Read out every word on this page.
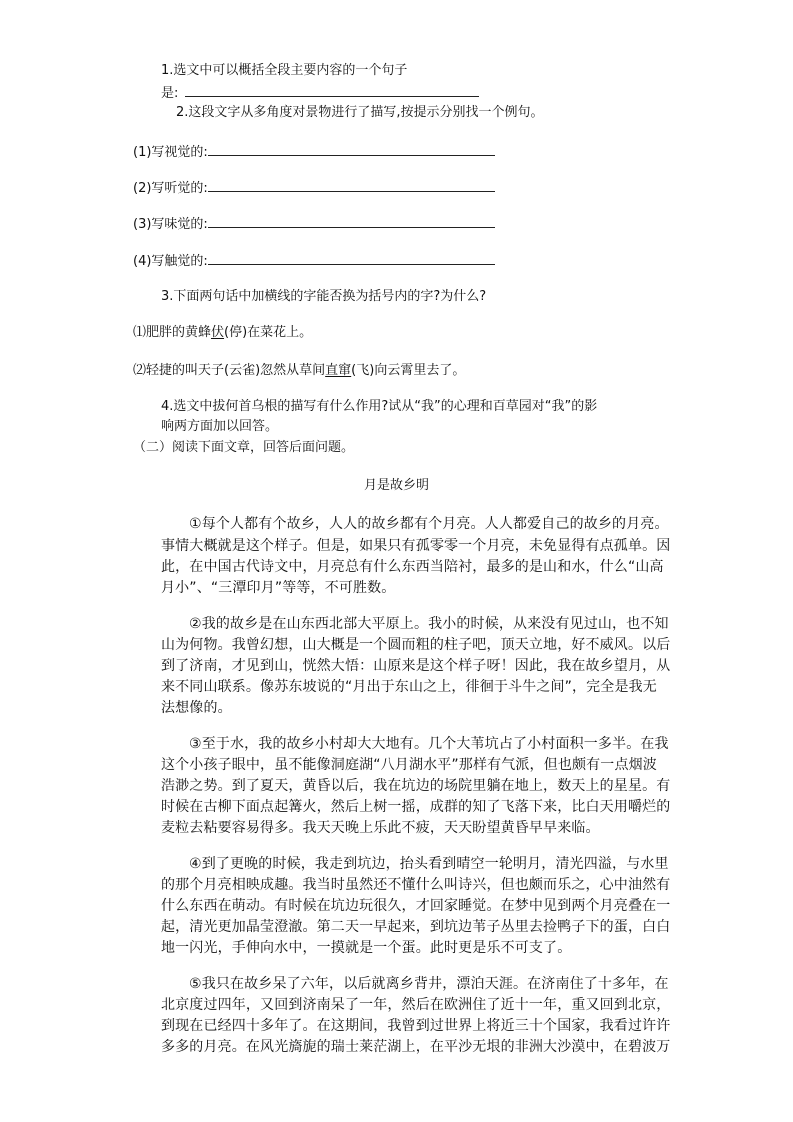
1.选文中可以概括全段主要内容的一个句子
是:
2.这段文字从多角度对景物进行了描写,按提示分别找一个例句。
(1)写视觉的:
(2)写听觉的:
(3)写味觉的:
(4)写触觉的:
3.下面两句话中加横线的字能否换为括号内的字?为什么?
⑴肥胖的黄蜂伏(停)在菜花上。
⑵轻捷的叫天子(云雀)忽然从草间直窜(飞)向云霄里去了。
4.选文中拔何首乌根的描写有什么作用?试从“我”的心理和百草园对“我”的影
响两方面加以回答。
（二）阅读下面文章，回答后面问题。
月是故乡明
①每个人都有个故乡，人人的故乡都有个月亮。人人都爱自己的故乡的月亮。
事情大概就是这个样子。但是，如果只有孤零零一个月亮，未免显得有点孤单。因
此，在中国古代诗文中，月亮总有什么东西当陪衬，最多的是山和水，什么“山高
月小”、“三潭印月”等等，不可胜数。
②我的故乡是在山东西北部大平原上。我小的时候，从来没有见过山，也不知
山为何物。我曾幻想，山大概是一个圆而粗的柱子吧，顶天立地，好不威风。以后
到了济南，才见到山，恍然大悟：山原来是这个样子呀！因此，我在故乡望月，从
来不同山联系。像苏东坡说的“月出于东山之上，徘徊于斗牛之间”，完全是我无
法想像的。
③至于水，我的故乡小村却大大地有。几个大苇坑占了小村面积一多半。在我
这个小孩子眼中，虽不能像洞庭湖“八月湖水平”那样有气派，但也颇有一点烟波
浩渺之势。到了夏天，黄昏以后，我在坑边的场院里躺在地上，数天上的星星。有
时候在古柳下面点起篝火，然后上树一摇，成群的知了飞落下来，比白天用嚼烂的
麦粒去粘要容易得多。我天天晚上乐此不疲，天天盼望黄昏早早来临。
④到了更晚的时候，我走到坑边，抬头看到晴空一轮明月，清光四溢，与水里
的那个月亮相映成趣。我当时虽然还不懂什么叫诗兴，但也颇而乐之，心中油然有
什么东西在萌动。有时候在坑边玩很久，才回家睡觉。在梦中见到两个月亮叠在一
起，清光更加晶莹澄澈。第二天一早起来，到坑边苇子丛里去捡鸭子下的蛋，白白
地一闪光，手伸向水中，一摸就是一个蛋。此时更是乐不可支了。
⑤我只在故乡呆了六年，以后就离乡背井，漂泊天涯。在济南住了十多年，在
北京度过四年，又回到济南呆了一年，然后在欧洲住了近十一年，重又回到北京，
到现在已经四十多年了。在这期间，我曾到过世界上将近三十个国家，我看过许许
多多的月亮。在风光旖旎的瑞士莱茫湖上，在平沙无垠的非洲大沙漠中，在碧波万
